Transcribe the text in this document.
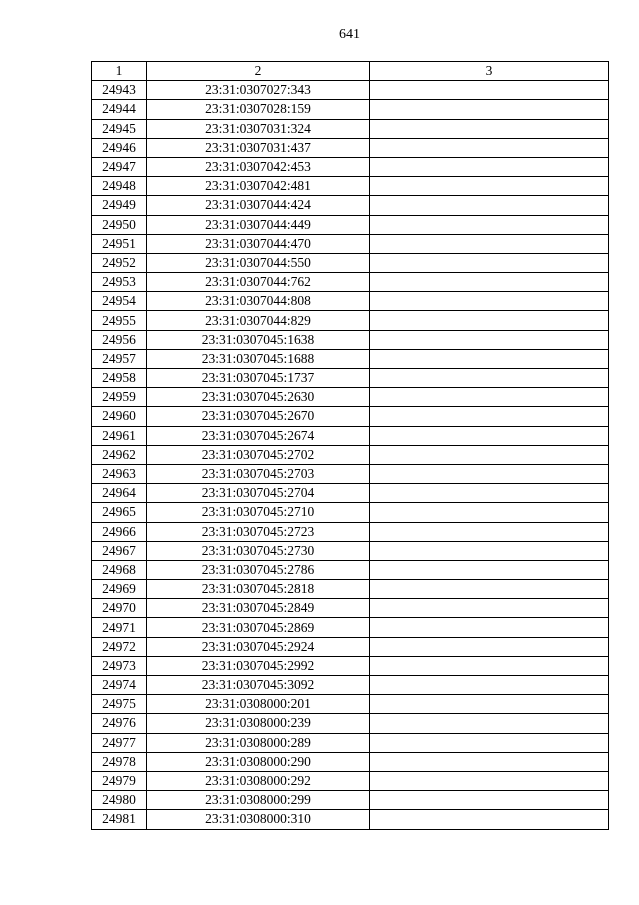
641
1	2	3
24943	23:31:0307027:343	
24944	23:31:0307028:159	
24945	23:31:0307031:324	
24946	23:31:0307031:437	
24947	23:31:0307042:453	
24948	23:31:0307042:481	
24949	23:31:0307044:424	
24950	23:31:0307044:449	
24951	23:31:0307044:470	
24952	23:31:0307044:550	
24953	23:31:0307044:762	
24954	23:31:0307044:808	
24955	23:31:0307044:829	
24956	23:31:0307045:1638	
24957	23:31:0307045:1688	
24958	23:31:0307045:1737	
24959	23:31:0307045:2630	
24960	23:31:0307045:2670	
24961	23:31:0307045:2674	
24962	23:31:0307045:2702	
24963	23:31:0307045:2703	
24964	23:31:0307045:2704	
24965	23:31:0307045:2710	
24966	23:31:0307045:2723	
24967	23:31:0307045:2730	
24968	23:31:0307045:2786	
24969	23:31:0307045:2818	
24970	23:31:0307045:2849	
24971	23:31:0307045:2869	
24972	23:31:0307045:2924	
24973	23:31:0307045:2992	
24974	23:31:0307045:3092	
24975	23:31:0308000:201	
24976	23:31:0308000:239	
24977	23:31:0308000:289	
24978	23:31:0308000:290	
24979	23:31:0308000:292	
24980	23:31:0308000:299	
24981	23:31:0308000:310	
